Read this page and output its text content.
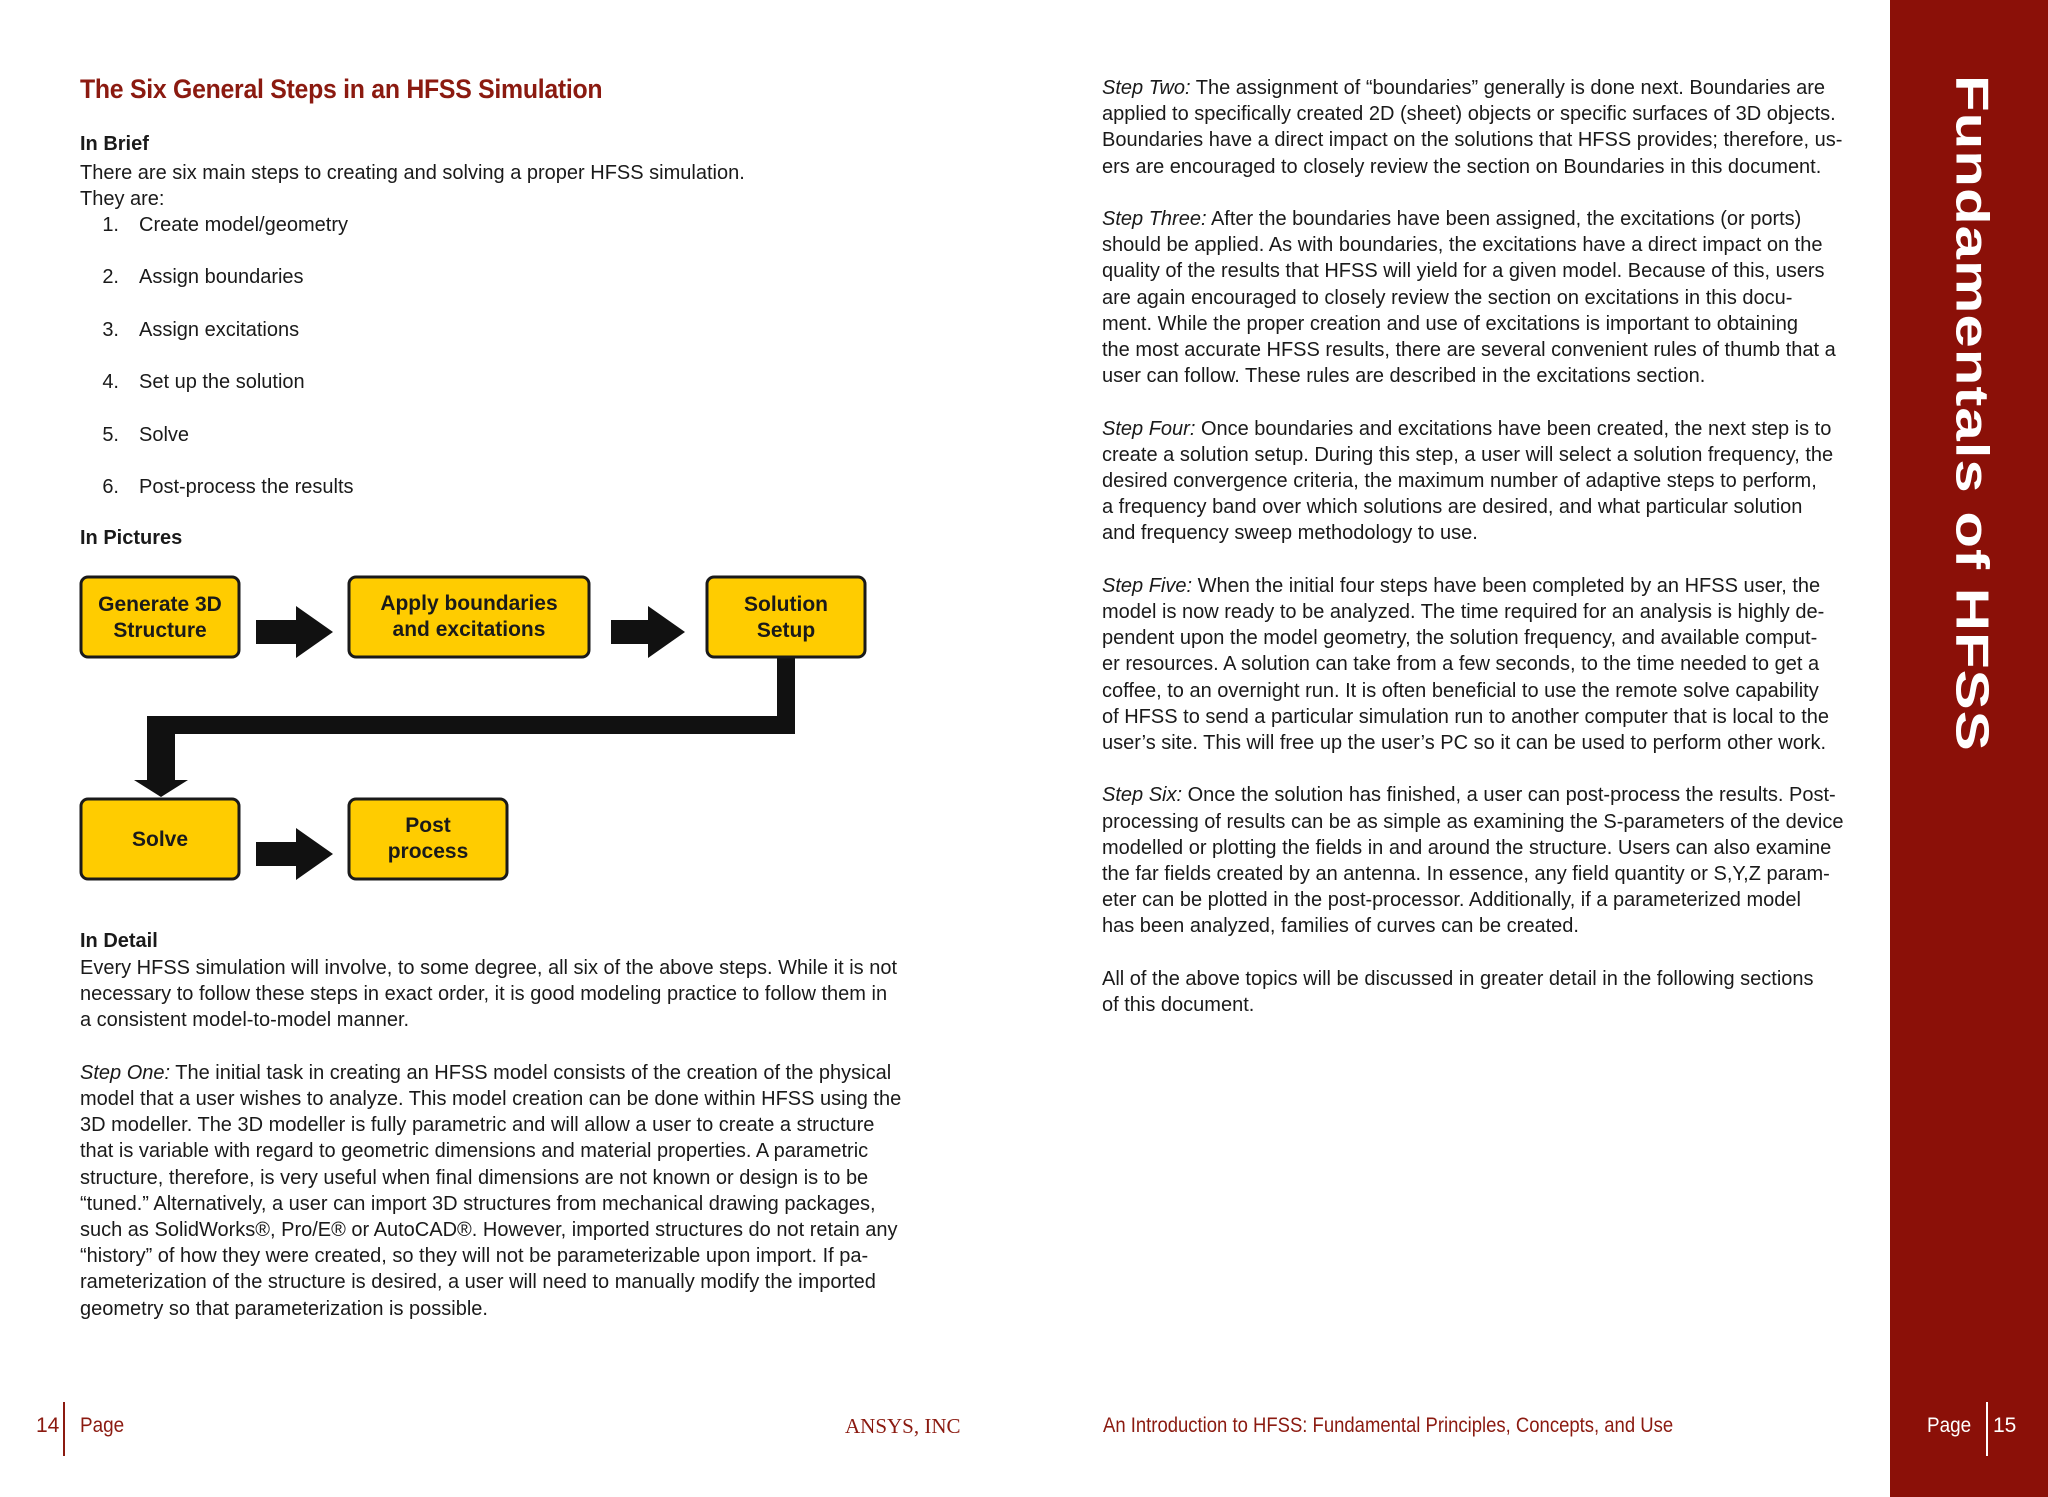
The Six General Steps in an HFSS Simulation
In Brief
There are six main steps to creating and solving a proper HFSS simulation.
They are:
1.	Create model/geometry
2.	Assign boundaries
3.	Assign excitations
4.	Set up the solution
5.	Solve
6.	Post-process the results
In Pictures
Generate 3D
Structure
Apply boundaries
and excitations
Solution
Setup
Solve
Post
process
In Detail
Every HFSS simulation will involve, to some degree, all six of the above steps. While it is not
necessary to follow these steps in exact order, it is good modeling practice to follow them in
a consistent model-to-model manner.
Step One: The initial task in creating an HFSS model consists of the creation of the physical
model that a user wishes to analyze. This model creation can be done within HFSS using the
3D modeller. The 3D modeller is fully parametric and will allow a user to create a structure
that is variable with regard to geometric dimensions and material properties. A parametric
structure, therefore, is very useful when final dimensions are not known or design is to be
“tuned.” Alternatively, a user can import 3D structures from mechanical drawing packages,
such as SolidWorks®, Pro/E® or AutoCAD®. However, imported structures do not retain any
“history” of how they were created, so they will not be parameterizable upon import. If pa-
rameterization of the structure is desired, a user will need to manually modify the imported
geometry so that parameterization is possible.
Step Two: The assignment of “boundaries” generally is done next. Boundaries are
applied to specifically created 2D (sheet) objects or specific surfaces of 3D objects.
Boundaries have a direct impact on the solutions that HFSS provides; therefore, us-
ers are encouraged to closely review the section on Boundaries in this document.
Step Three: After the boundaries have been assigned, the excitations (or ports)
should be applied. As with boundaries, the excitations have a direct impact on the
quality of the results that HFSS will yield for a given model. Because of this, users
are again encouraged to closely review the section on excitations in this docu-
ment. While the proper creation and use of excitations is important to obtaining
the most accurate HFSS results, there are several convenient rules of thumb that a
user can follow. These rules are described in the excitations section.
Step Four: Once boundaries and excitations have been created, the next step is to
create a solution setup. During this step, a user will select a solution frequency, the
desired convergence criteria, the maximum number of adaptive steps to perform,
a frequency band over which solutions are desired, and what particular solution
and frequency sweep methodology to use.
Step Five: When the initial four steps have been completed by an HFSS user, the
model is now ready to be analyzed. The time required for an analysis is highly de-
pendent upon the model geometry, the solution frequency, and available comput-
er resources. A solution can take from a few seconds, to the time needed to get a
coffee, to an overnight run. It is often beneficial to use the remote solve capability
of HFSS to send a particular simulation run to another computer that is local to the
user’s site. This will free up the user’s PC so it can be used to perform other work.
Step Six: Once the solution has finished, a user can post-process the results. Post-
processing of results can be as simple as examining the S-parameters of the device
modelled or plotting the fields in and around the structure. Users can also examine
the far fields created by an antenna. In essence, any field quantity or S,Y,Z param-
eter can be plotted in the post-processor. Additionally, if a parameterized model
has been analyzed, families of curves can be created.
All of the above topics will be discussed in greater detail in the following sections
of this document.
Fundamentals of HFSS
14 Page	ANSYS, INC	An Introduction to HFSS: Fundamental Principles, Concepts, and Use	Page 15
